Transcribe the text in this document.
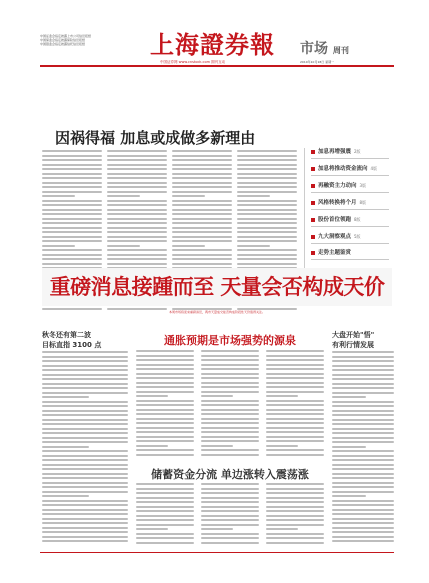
中国证监会指定披露上市公司信息报纸
中国保监会指定披露保险信息报纸
中国银监会指定披露信托信息报纸	上海證券報
中国证券网 www.cnstock.com 期刊互动
市场 周刊
2010年10月18日 星期一
因祸得福 加息或成做多新理由
加息再增强震 2版
加息将推动资金流向 4版
再融资主力动向 3版
风格转换将个月 8版
股份首位领跑 8版
九大洞察观点 5版
走势主题鉴赏
重磅消息接踵而至 天量会否构成天价
本周市场将迎来重磅消息，两市天量成交能否构成阶段性天价值得关注。
秋冬还有第二波
目标直指 3100 点	通胀预期是市场强势的源泉
储蓄资金分流 单边涨转入震荡涨
大盘开始"悟"
有利行情发展
